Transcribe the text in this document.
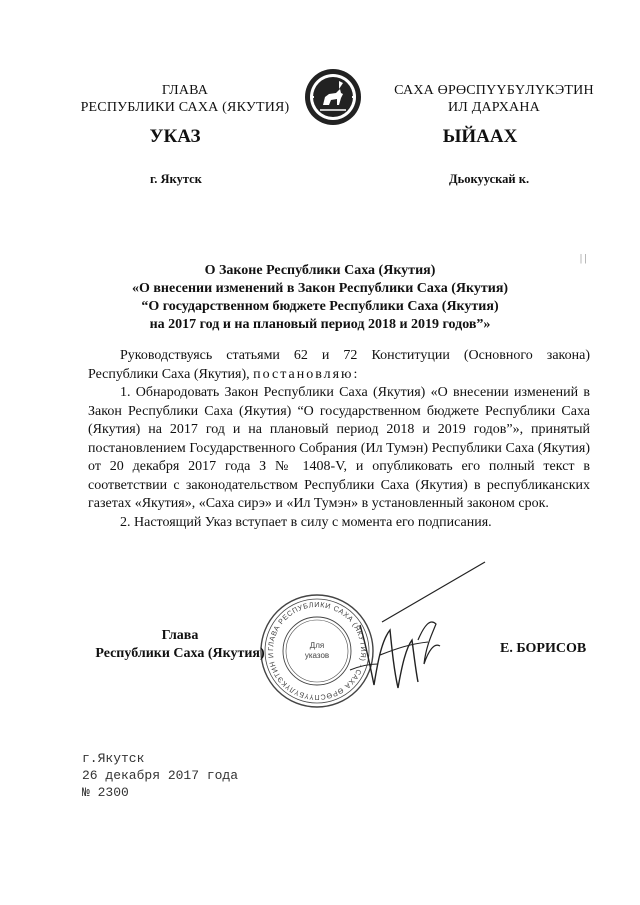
ГЛАВА
РЕСПУБЛИКИ САХА (ЯКУТИЯ)
САХА ӨРӨСПҮҮБҮЛҮКЭТИН
ИЛ ДАРХАНА
УКАЗ	ЫЙААХ
г. Якутск	Дьокуускай к.
| |
О Законе Республики Саха (Якутия)
«О внесении изменений в Закон Республики Саха (Якутия)
“О государственном бюджете Республики Саха (Якутия)
на 2017 год и на плановый период 2018 и 2019 годов”»

Руководствуясь статьями 62 и 72 Конституции (Основного закона) Республики Саха (Якутия), постановляю:

1. Обнародовать Закон Республики Саха (Якутия) «О внесении изменений в Закон Республики Саха (Якутия) “О государственном бюджете Республики Саха (Якутия) на 2017 год и на плановый период 2018 и 2019 годов”», принятый постановлением Государственного Собрания (Ил Тумэн) Республики Саха (Якутия) от 20 декабря 2017 года З № 1408-V, и опубликовать его полный текст в соответствии с законодательством Республики Саха (Якутия) в республиканских газетах «Якутия», «Саха сирэ» и «Ил Тумэн» в установленный законом срок.

2. Настоящий Указ вступает в силу с момента его подписания.

ГЛАВА РЕСПУБЛИКИ САХА (ЯКУТИЯ) · САХА ӨРӨСПҮҮБҮЛҮКЭТИН И
Для
указов
Глава
Республики Саха (Якутия)	Е. БОРИСОВ
г.Якутск
26 декабря 2017 года
№ 2300
